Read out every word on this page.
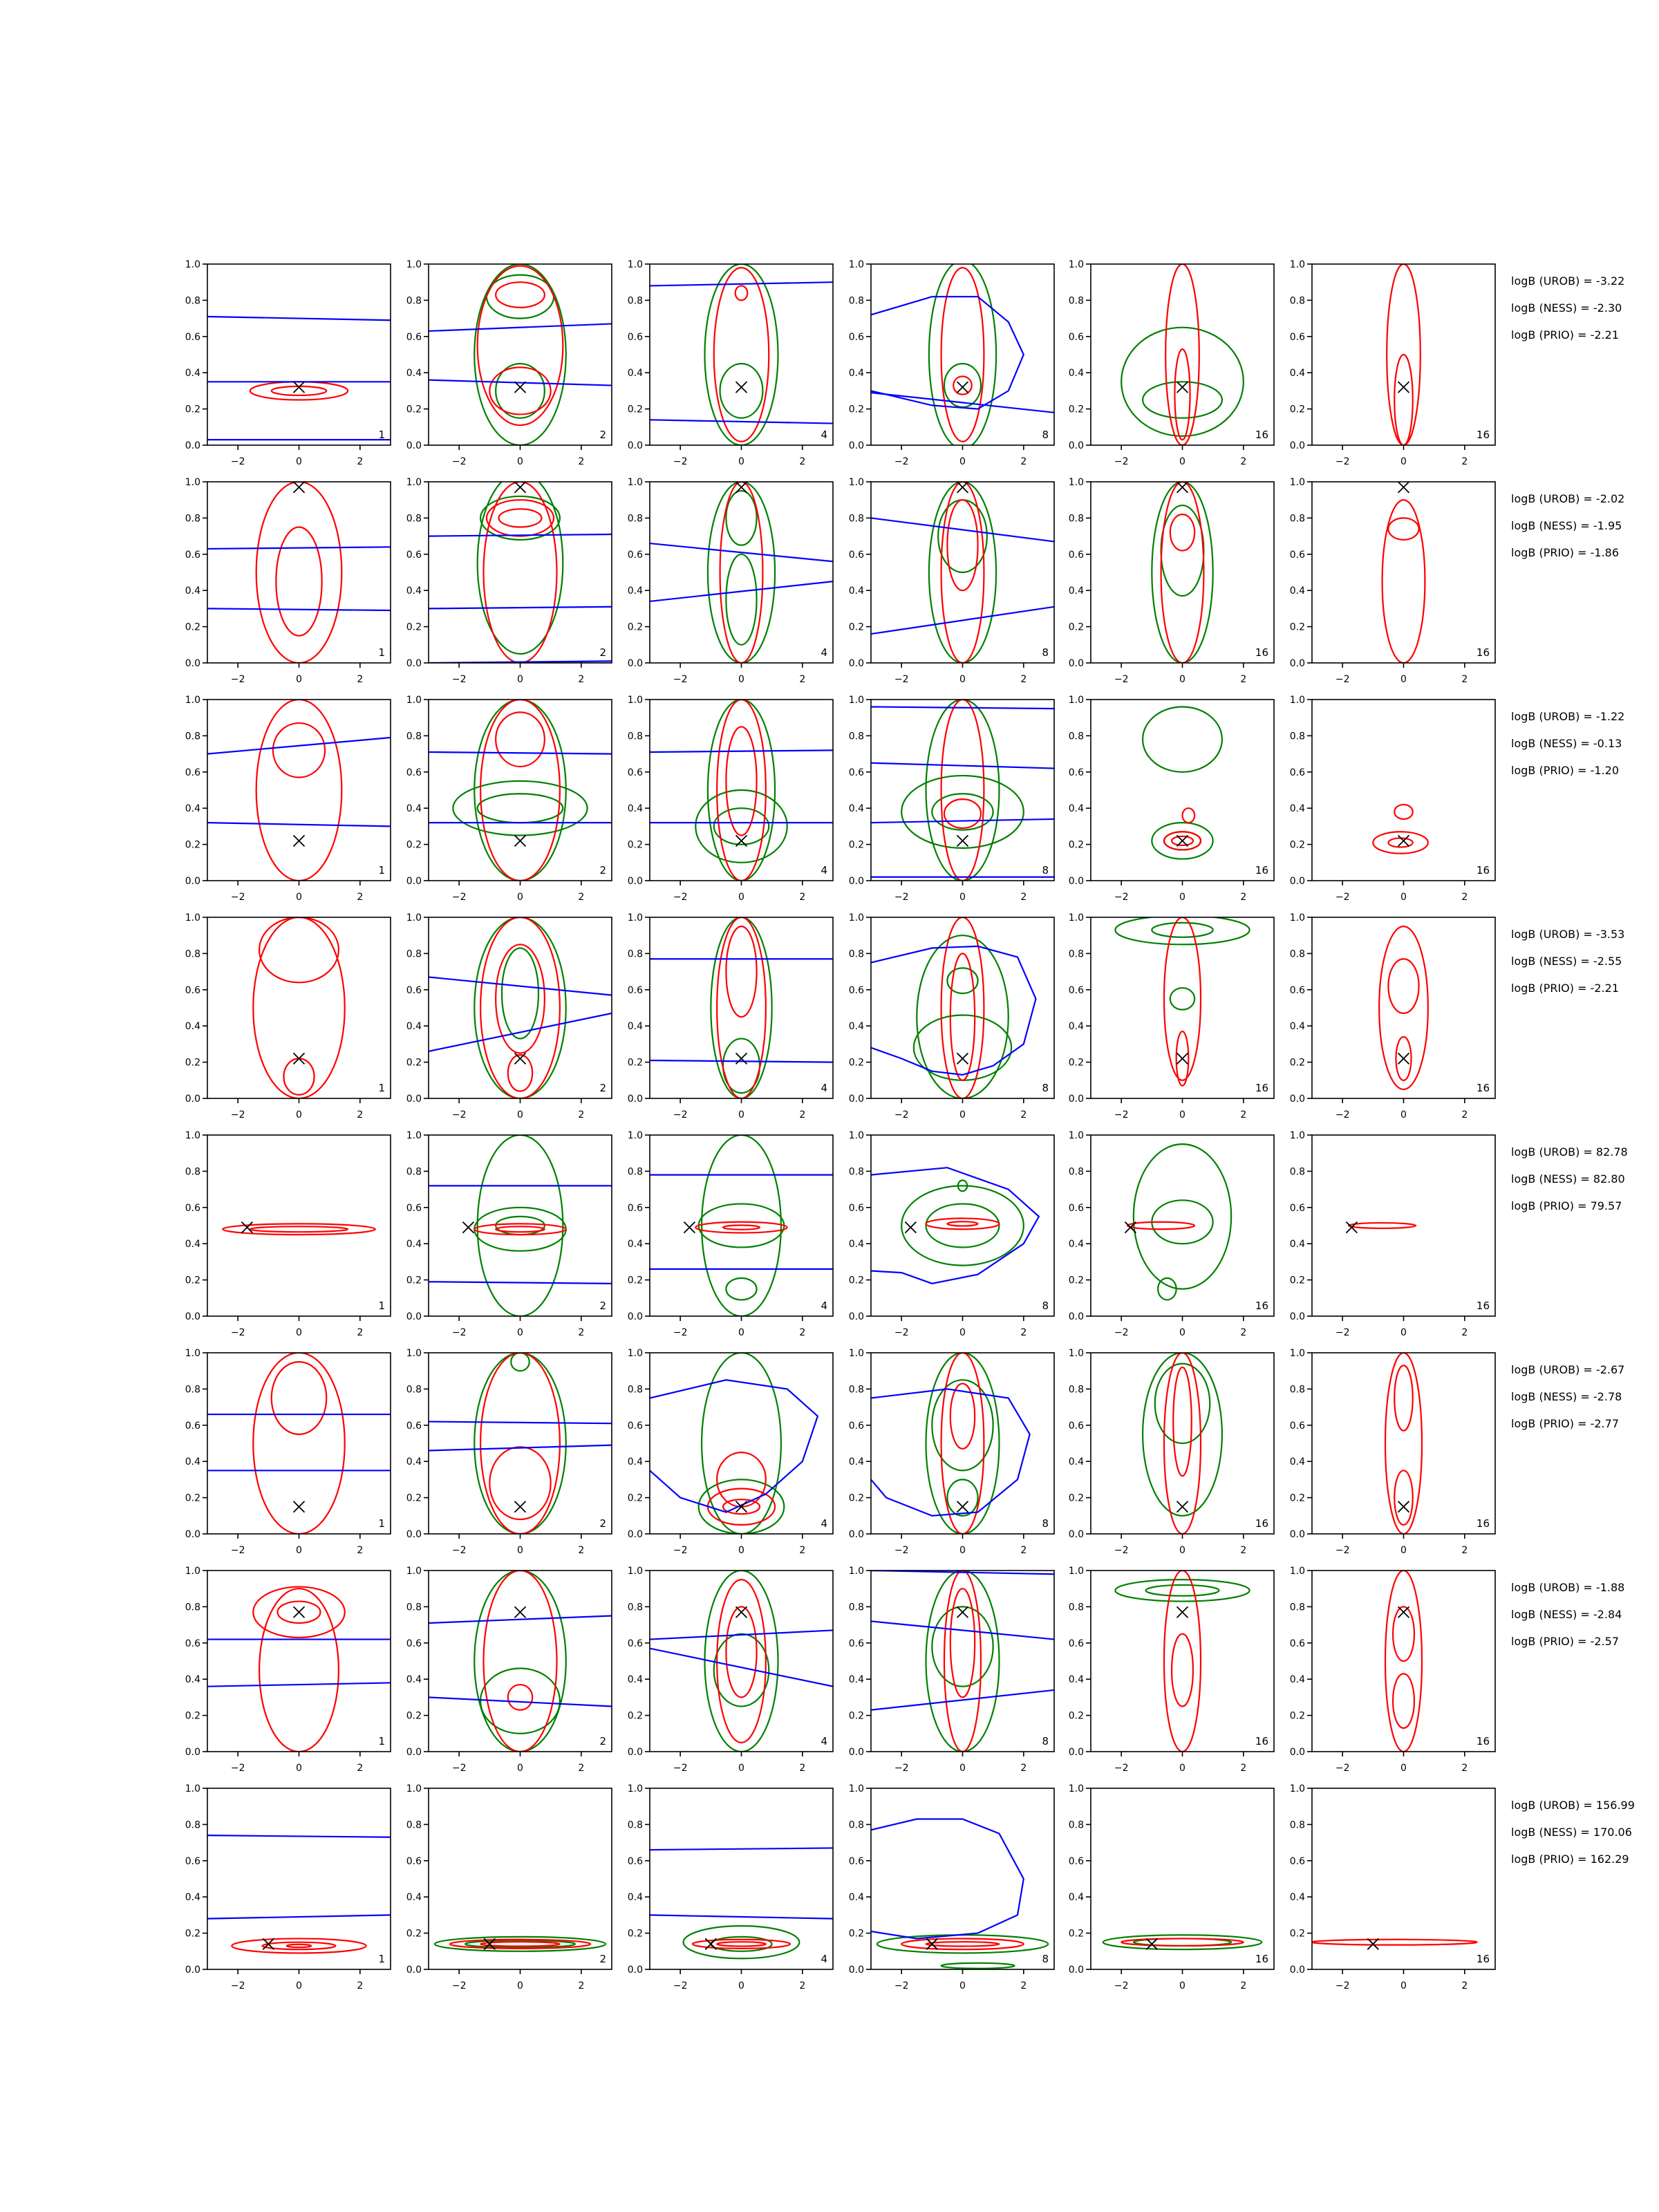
−2	0	2
0.0
0.2
0.4
0.6
0.8
1.0
1
−2	0	2
0.0
0.2
0.4
0.6
0.8
1.0
2
−2	0	2
0.0
0.2
0.4
0.6
0.8
1.0
4
−2	0	2
0.0
0.2
0.4
0.6
0.8
1.0
8
−2	0	2
0.0
0.2
0.4
0.6
0.8
1.0
16
−2	0	2
0.0
0.2
0.4
0.6
0.8
1.0
16
logB (UROB) = -3.22
logB (NESS) = -2.30
logB (PRIO) = -2.21
−2	0	2
0.0
0.2
0.4
0.6
0.8
1.0
1
−2	0	2
0.0
0.2
0.4
0.6
0.8
1.0
2
−2	0	2
0.0
0.2
0.4
0.6
0.8
1.0
4
−2	0	2
0.0
0.2
0.4
0.6
0.8
1.0
8
−2	0	2
0.0
0.2
0.4
0.6
0.8
1.0
16
−2	0	2
0.0
0.2
0.4
0.6
0.8
1.0
16
logB (UROB) = -2.02
logB (NESS) = -1.95
logB (PRIO) = -1.86
−2	0	2
0.0
0.2
0.4
0.6
0.8
1.0
1
−2	0	2
0.0
0.2
0.4
0.6
0.8
1.0
2
−2	0	2
0.0
0.2
0.4
0.6
0.8
1.0
4
−2	0	2
0.0
0.2
0.4
0.6
0.8
1.0
8
−2	0	2
0.0
0.2
0.4
0.6
0.8
1.0
16
−2	0	2
0.0
0.2
0.4
0.6
0.8
1.0
16
logB (UROB) = -1.22
logB (NESS) = -0.13
logB (PRIO) = -1.20
−2	0	2
0.0
0.2
0.4
0.6
0.8
1.0
1
−2	0	2
0.0
0.2
0.4
0.6
0.8
1.0
2
−2	0	2
0.0
0.2
0.4
0.6
0.8
1.0
4
−2	0	2
0.0
0.2
0.4
0.6
0.8
1.0
8
−2	0	2
0.0
0.2
0.4
0.6
0.8
1.0
16
−2	0	2
0.0
0.2
0.4
0.6
0.8
1.0
16
logB (UROB) = -3.53
logB (NESS) = -2.55
logB (PRIO) = -2.21
−2	0	2
0.0
0.2
0.4
0.6
0.8
1.0
1
−2	0	2
0.0
0.2
0.4
0.6
0.8
1.0
2
−2	0	2
0.0
0.2
0.4
0.6
0.8
1.0
4
−2	0	2
0.0
0.2
0.4
0.6
0.8
1.0
8
−2	0	2
0.0
0.2
0.4
0.6
0.8
1.0
16
−2	0	2
0.0
0.2
0.4
0.6
0.8
1.0
16
logB (UROB) = 82.78
logB (NESS) = 82.80
logB (PRIO) = 79.57
−2	0	2
0.0
0.2
0.4
0.6
0.8
1.0
1
−2	0	2
0.0
0.2
0.4
0.6
0.8
1.0
2
−2	0	2
0.0
0.2
0.4
0.6
0.8
1.0
4
−2	0	2
0.0
0.2
0.4
0.6
0.8
1.0
8
−2	0	2
0.0
0.2
0.4
0.6
0.8
1.0
16
−2	0	2
0.0
0.2
0.4
0.6
0.8
1.0
16
logB (UROB) = -2.67
logB (NESS) = -2.78
logB (PRIO) = -2.77
−2	0	2
0.0
0.2
0.4
0.6
0.8
1.0
1
−2	0	2
0.0
0.2
0.4
0.6
0.8
1.0
2
−2	0	2
0.0
0.2
0.4
0.6
0.8
1.0
4
−2	0	2
0.0
0.2
0.4
0.6
0.8
1.0
8
−2	0	2
0.0
0.2
0.4
0.6
0.8
1.0
16
−2	0	2
0.0
0.2
0.4
0.6
0.8
1.0
16
logB (UROB) = -1.88
logB (NESS) = -2.84
logB (PRIO) = -2.57
−2	0	2
0.0
0.2
0.4
0.6
0.8
1.0
1
−2	0	2
0.0
0.2
0.4
0.6
0.8
1.0
2
−2	0	2
0.0
0.2
0.4
0.6
0.8
1.0
4
−2	0	2
0.0
0.2
0.4
0.6
0.8
1.0
8
−2	0	2
0.0
0.2
0.4
0.6
0.8
1.0
16
−2	0	2
0.0
0.2
0.4
0.6
0.8
1.0
16
logB (UROB) = 156.99
logB (NESS) = 170.06
logB (PRIO) = 162.29
